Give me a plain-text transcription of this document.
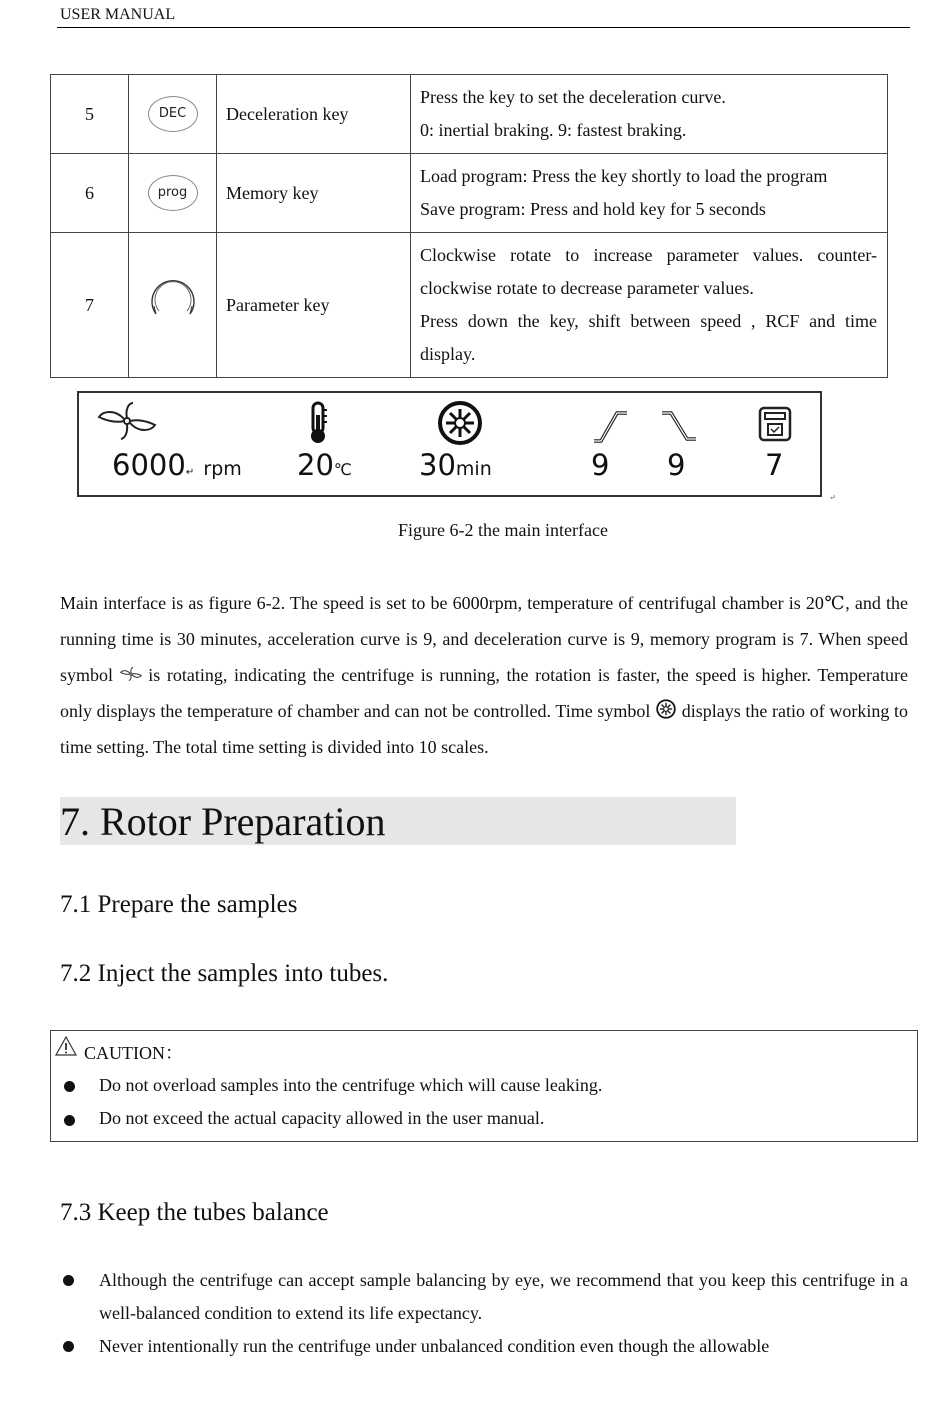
USER MANUAL
5	DEC	Deceleration key	Press the key to set the deceleration curve.
0: inertial braking. 9: fastest braking.

6	prog	Memory key	Load program: Press the key shortly to load the program
Save program: Press and hold key for 5 seconds

7		Parameter key	Clockwise rotate to increase parameter values. counter-clockwise rotate to decrease parameter values.
Press down the key, shift between speed , RCF and time display.
6000↵ rpm 20℃ 30min	9 9	7
↵
Figure 6-2 the main interface
Main interface is as figure 6-2. The speed is set to be 6000rpm, temperature of centrifugal chamber is 20℃, and the running time is 30 minutes, acceleration curve is 9, and deceleration curve is 9, memory program is 7. When speed symbol is rotating, indicating the centrifuge is running, the rotation is faster, the speed is higher. Temperature only displays the temperature of chamber and can not be controlled. Time symbol displays the ratio of working to time setting. The total time setting is divided into 10 scales.
7. Rotor Preparation
7.1 Prepare the samples
7.2 Inject the samples into tubes.
CAUTION：
Do not overload samples into the centrifuge which will cause leaking.
Do not exceed the actual capacity allowed in the user manual.
7.3 Keep the tubes balance
Although the centrifuge can accept sample balancing by eye, we recommend that you keep this centrifuge in a well-balanced condition to extend its life expectancy.
Never intentionally run the centrifuge under unbalanced condition even though the allowable
